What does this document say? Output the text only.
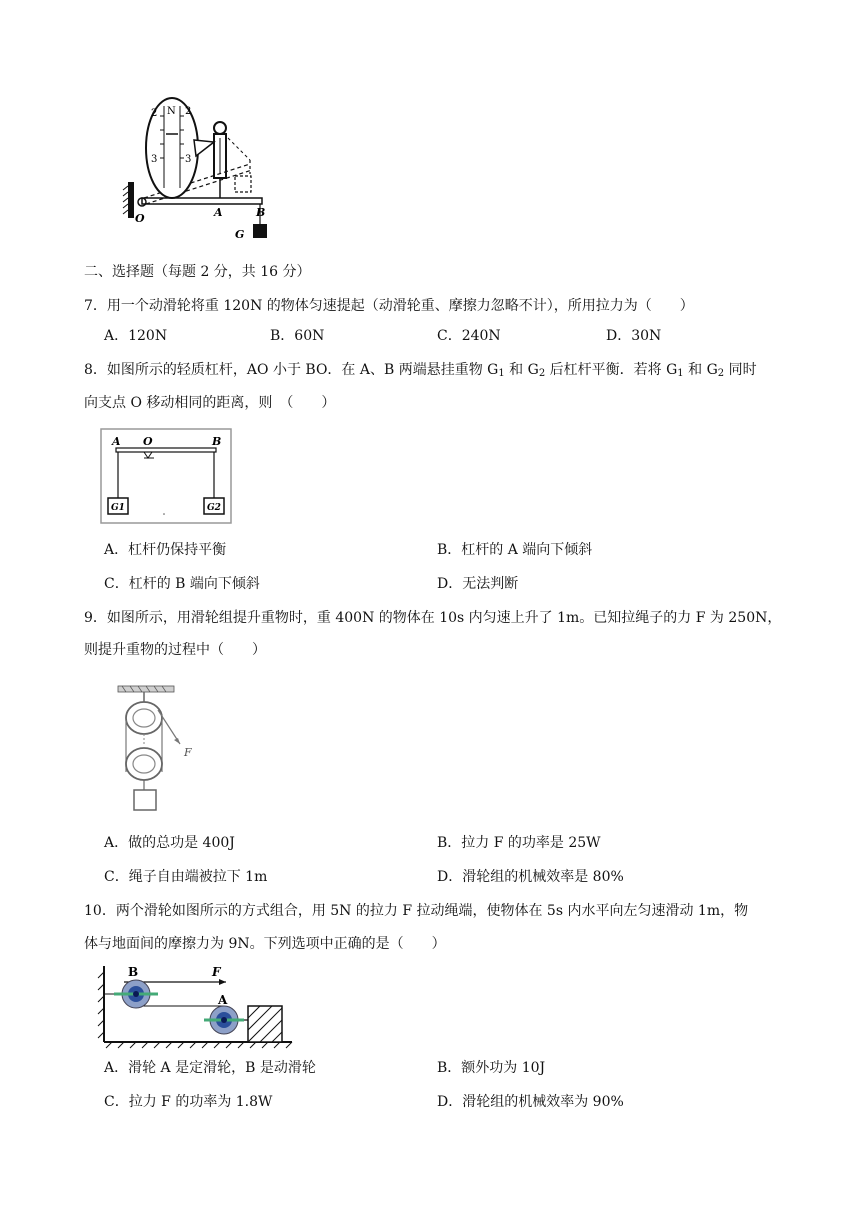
N
2	2
3	3
O	A	B
G
二、选择题（每题 2 分，共 16 分）
7．用一个动滑轮将重 120N 的物体匀速提起（动滑轮重、摩擦力忽略不计），所用拉力为（　　）
A．120N	B．60N	C．240N	D．30N
8．如图所示的轻质杠杆，AO 小于 BO．在 A、B 两端悬挂重物 $G_1$ 和 $G_2$ 后杠杆平衡．若将 $G_1$ 和 $G_2$ 同时
向支点 O 移动相同的距离，则　（　　）
A O	B
G1	G2
A．杠杆仍保持平衡	B．杠杆的 A 端向下倾斜
C．杠杆的 B 端向下倾斜	D．无法判断
9．如图所示，用滑轮组提升重物时，重 400N 的物体在 10s 内匀速上升了 1m。已知拉绳子的力 F 为 250N，
则提升重物的过程中（　　）
F
A．做的总功是 400J	B．拉力 F 的功率是 25W
C．绳子自由端被拉下 1m	D．滑轮组的机械效率是 80%
10．两个滑轮如图所示的方式组合，用 5N 的拉力 F 拉动绳端，使物体在 5s 内水平向左匀速滑动 1m，物
体与地面间的摩擦力为 9N。下列选项中正确的是（　　）
B	F
A
A．滑轮 A 是定滑轮，B 是动滑轮	B．额外功为 10J
C．拉力 F 的功率为 1.8W	D．滑轮组的机械效率为 90%
